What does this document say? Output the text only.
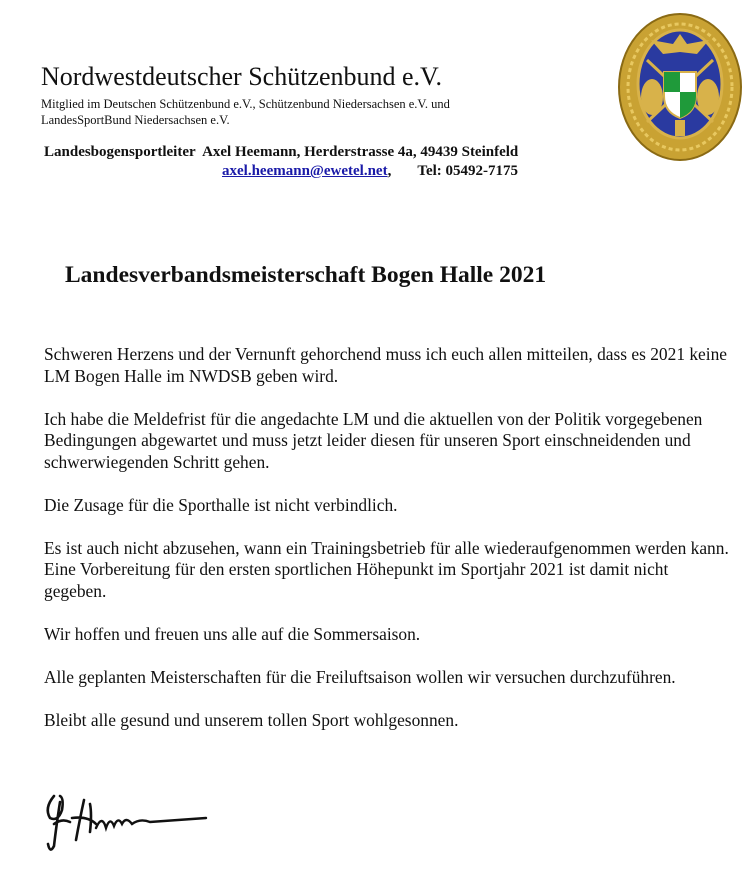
Nordwestdeutscher Schützenbund e.V.
Mitglied im Deutschen Schützenbund e.V., Schützenbund Niedersachsen e.V. und
LandesSportBund Niedersachsen e.V.
Landesbogensportleiter  Axel Heemann, Herderstrasse 4a, 49439 Steinfeld
axel.heemann@ewetel.net, Tel: 05492-7175
Landesverbandsmeisterschaft Bogen Halle 2021

Schweren Herzens und der Vernunft gehorchend muss ich euch allen mitteilen, dass es 2021 keine LM Bogen Halle im NWDSB geben wird.

Ich habe die Meldefrist für die angedachte LM und die aktuellen von der Politik vorgegebenen Bedingungen abgewartet und muss jetzt leider diesen für unseren Sport einschneidenden und schwerwiegenden Schritt gehen.

Die Zusage für die Sporthalle ist nicht verbindlich.

Es ist auch nicht abzusehen, wann ein Trainingsbetrieb für alle wiederaufgenommen werden kann. Eine Vorbereitung für den ersten sportlichen Höhepunkt im Sportjahr 2021 ist damit nicht gegeben.

Wir hoffen und freuen uns alle auf die Sommersaison.

Alle geplanten Meisterschaften für die Freiluftsaison wollen wir versuchen durchzuführen.

Bleibt alle gesund und unserem tollen Sport wohlgesonnen.
